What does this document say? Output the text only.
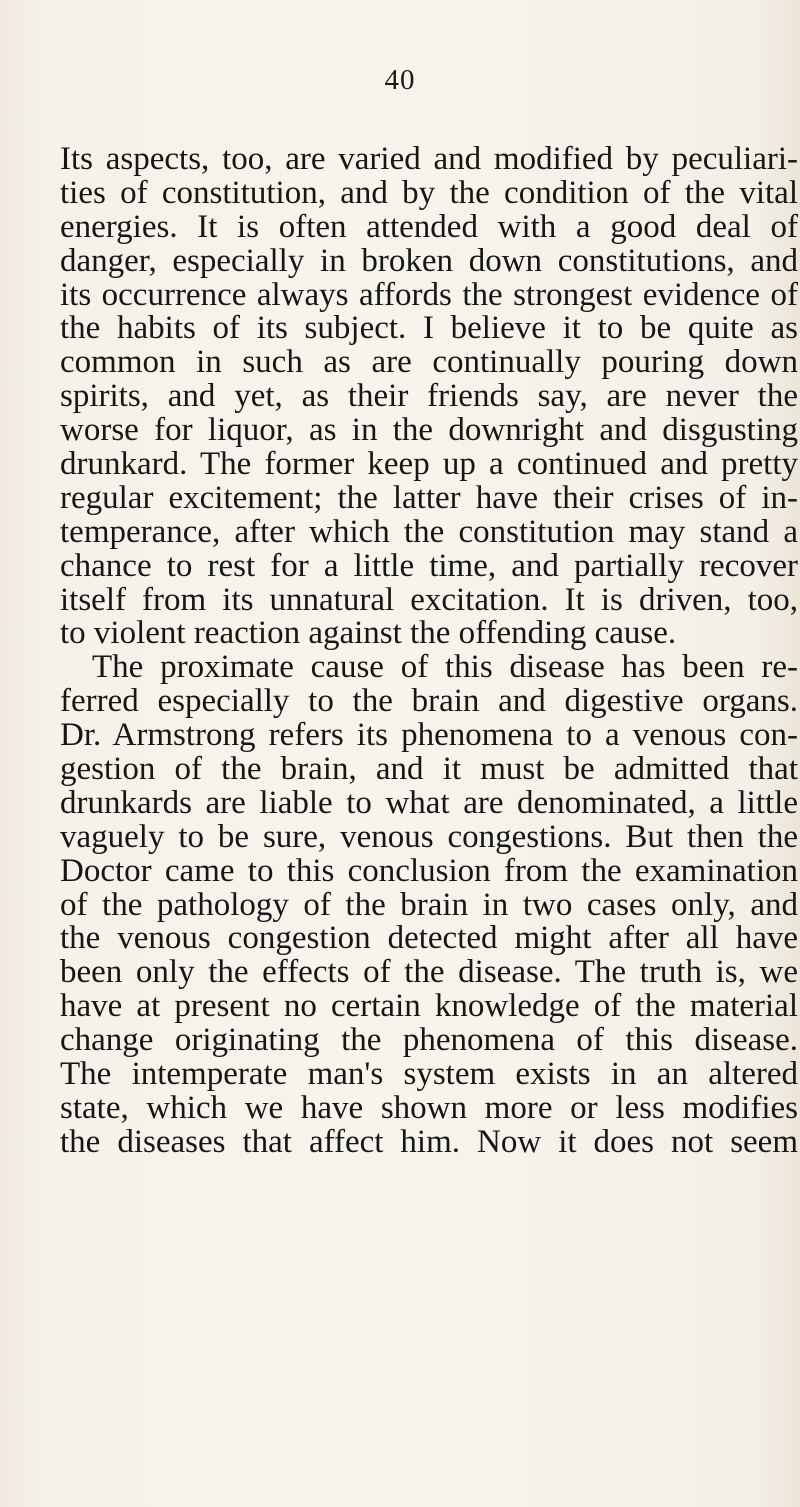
40
Its aspects, too, are varied and modified by peculiari-
ties of constitution, and by the condition of the vital
energies. It is often attended with a good deal of
danger, especially in broken down constitutions, and
its occurrence always affords the strongest evidence of
the habits of its subject. I believe it to be quite as
common in such as are continually pouring down
spirits, and yet, as their friends say, are never the
worse for liquor, as in the downright and disgusting
drunkard. The former keep up a continued and pretty
regular excitement; the latter have their crises of in-
temperance, after which the constitution may stand a
chance to rest for a little time, and partially recover
itself from its unnatural excitation. It is driven, too,
to violent reaction against the offending cause.
The proximate cause of this disease has been re-
ferred especially to the brain and digestive organs.
Dr. Armstrong refers its phenomena to a venous con-
gestion of the brain, and it must be admitted that
drunkards are liable to what are denominated, a little
vaguely to be sure, venous congestions. But then the
Doctor came to this conclusion from the examination
of the pathology of the brain in two cases only, and
the venous congestion detected might after all have
been only the effects of the disease. The truth is, we
have at present no certain knowledge of the material
change originating the phenomena of this disease.
The intemperate man's system exists in an altered
state, which we have shown more or less modifies
the diseases that affect him. Now it does not seem
